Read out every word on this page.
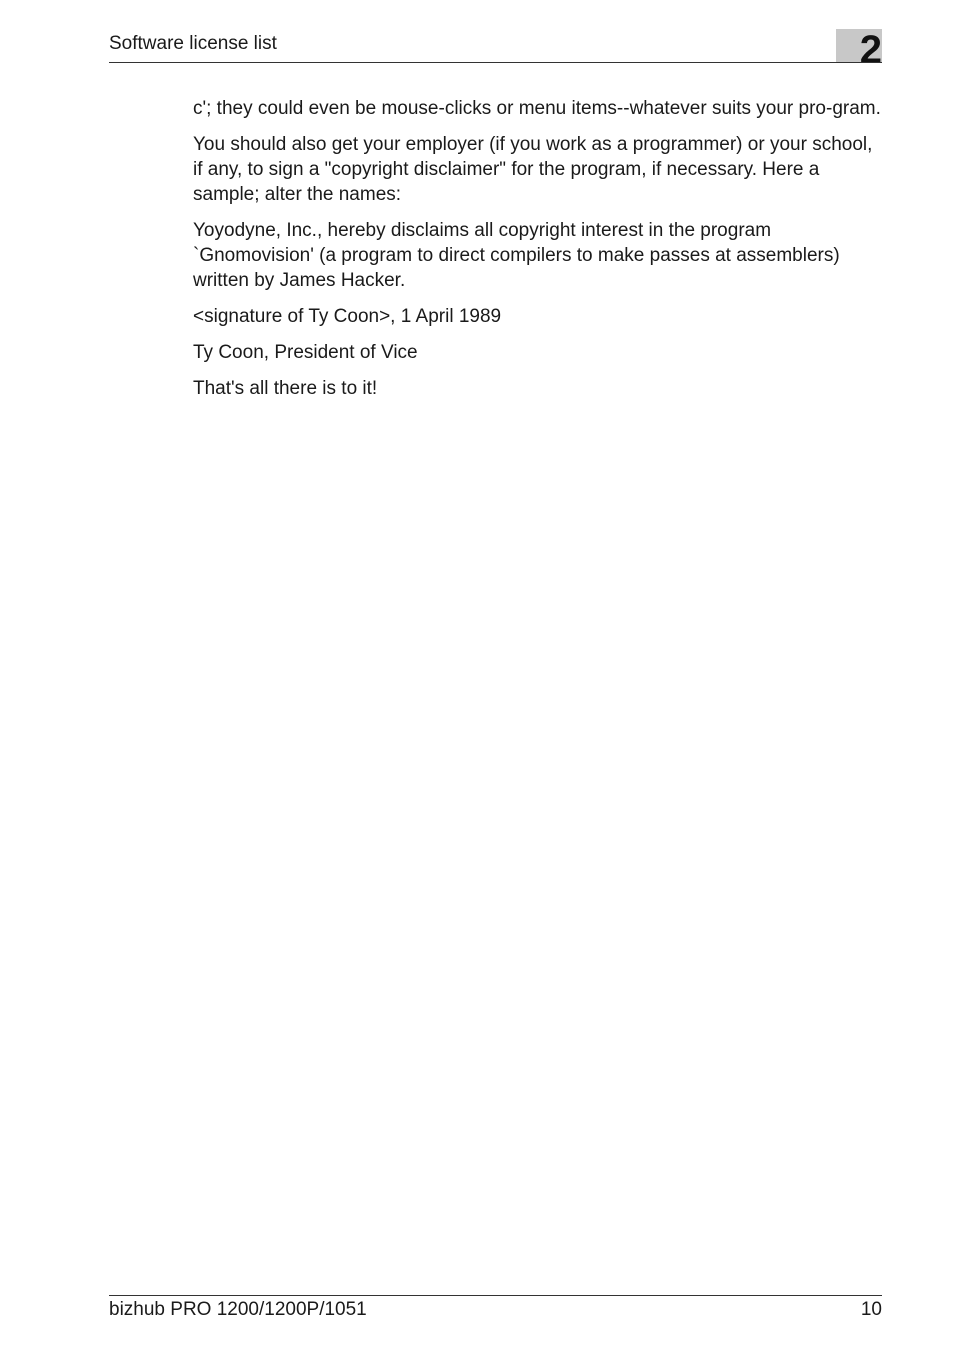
Software license list	2

c'; they could even be mouse-clicks or menu items--whatever suits your pro-gram.

You should also get your employer (if you work as a programmer) or your school, if any, to sign a "copyright disclaimer" for the program, if necessary. Here a sample; alter the names:

Yoyodyne, Inc., hereby disclaims all copyright interest in the program `Gnomovision' (a program to direct compilers to make passes at assemblers) written by James Hacker.

<signature of Ty Coon>, 1 April 1989

Ty Coon, President of Vice

That's all there is to it!

bizhub PRO 1200/1200P/1051	10
